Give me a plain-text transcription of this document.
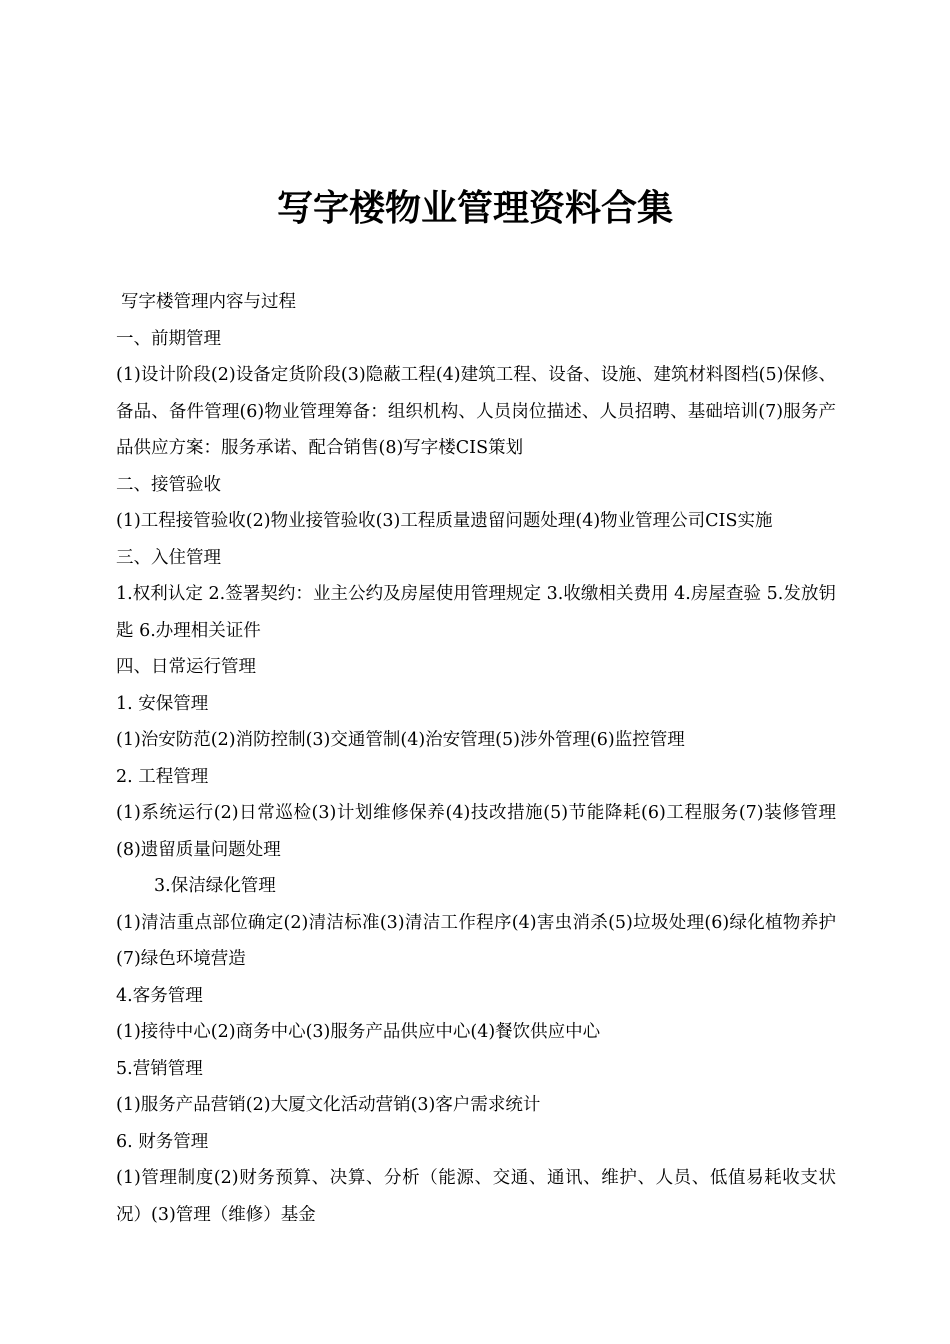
写字楼物业管理资料合集

写字楼管理内容与过程

一、前期管理

(1)设计阶段(2)设备定货阶段(3)隐蔽工程(4)建筑工程、设备、设施、建筑材料图档(5)保修、备品、备件管理(6)物业管理筹备：组织机构、人员岗位描述、人员招聘、基础培训(7)服务产品供应方案：服务承诺、配合销售(8)写字楼CIS策划

二、接管验收

(1)工程接管验收(2)物业接管验收(3)工程质量遗留问题处理(4)物业管理公司CIS实施

三、入住管理

1.权利认定 2.签署契约：业主公约及房屋使用管理规定 3.收缴相关费用 4.房屋查验 5.发放钥匙 6.办理相关证件

四、日常运行管理

1. 安保管理

(1)治安防范(2)消防控制(3)交通管制(4)治安管理(5)涉外管理(6)监控管理

2. 工程管理

(1)系统运行(2)日常巡检(3)计划维修保养(4)技改措施(5)节能降耗(6)工程服务(7)装修管理(8)遗留质量问题处理

3.保洁绿化管理

(1)清洁重点部位确定(2)清洁标准(3)清洁工作程序(4)害虫消杀(5)垃圾处理(6)绿化植物养护(7)绿色环境营造

4.客务管理

(1)接待中心(2)商务中心(3)服务产品供应中心(4)餐饮供应中心

5.营销管理

(1)服务产品营销(2)大厦文化活动营销(3)客户需求统计

6. 财务管理

(1)管理制度(2)财务预算、决算、分析（能源、交通、通讯、维护、人员、低值易耗收支状况）(3)管理（维修）基金
